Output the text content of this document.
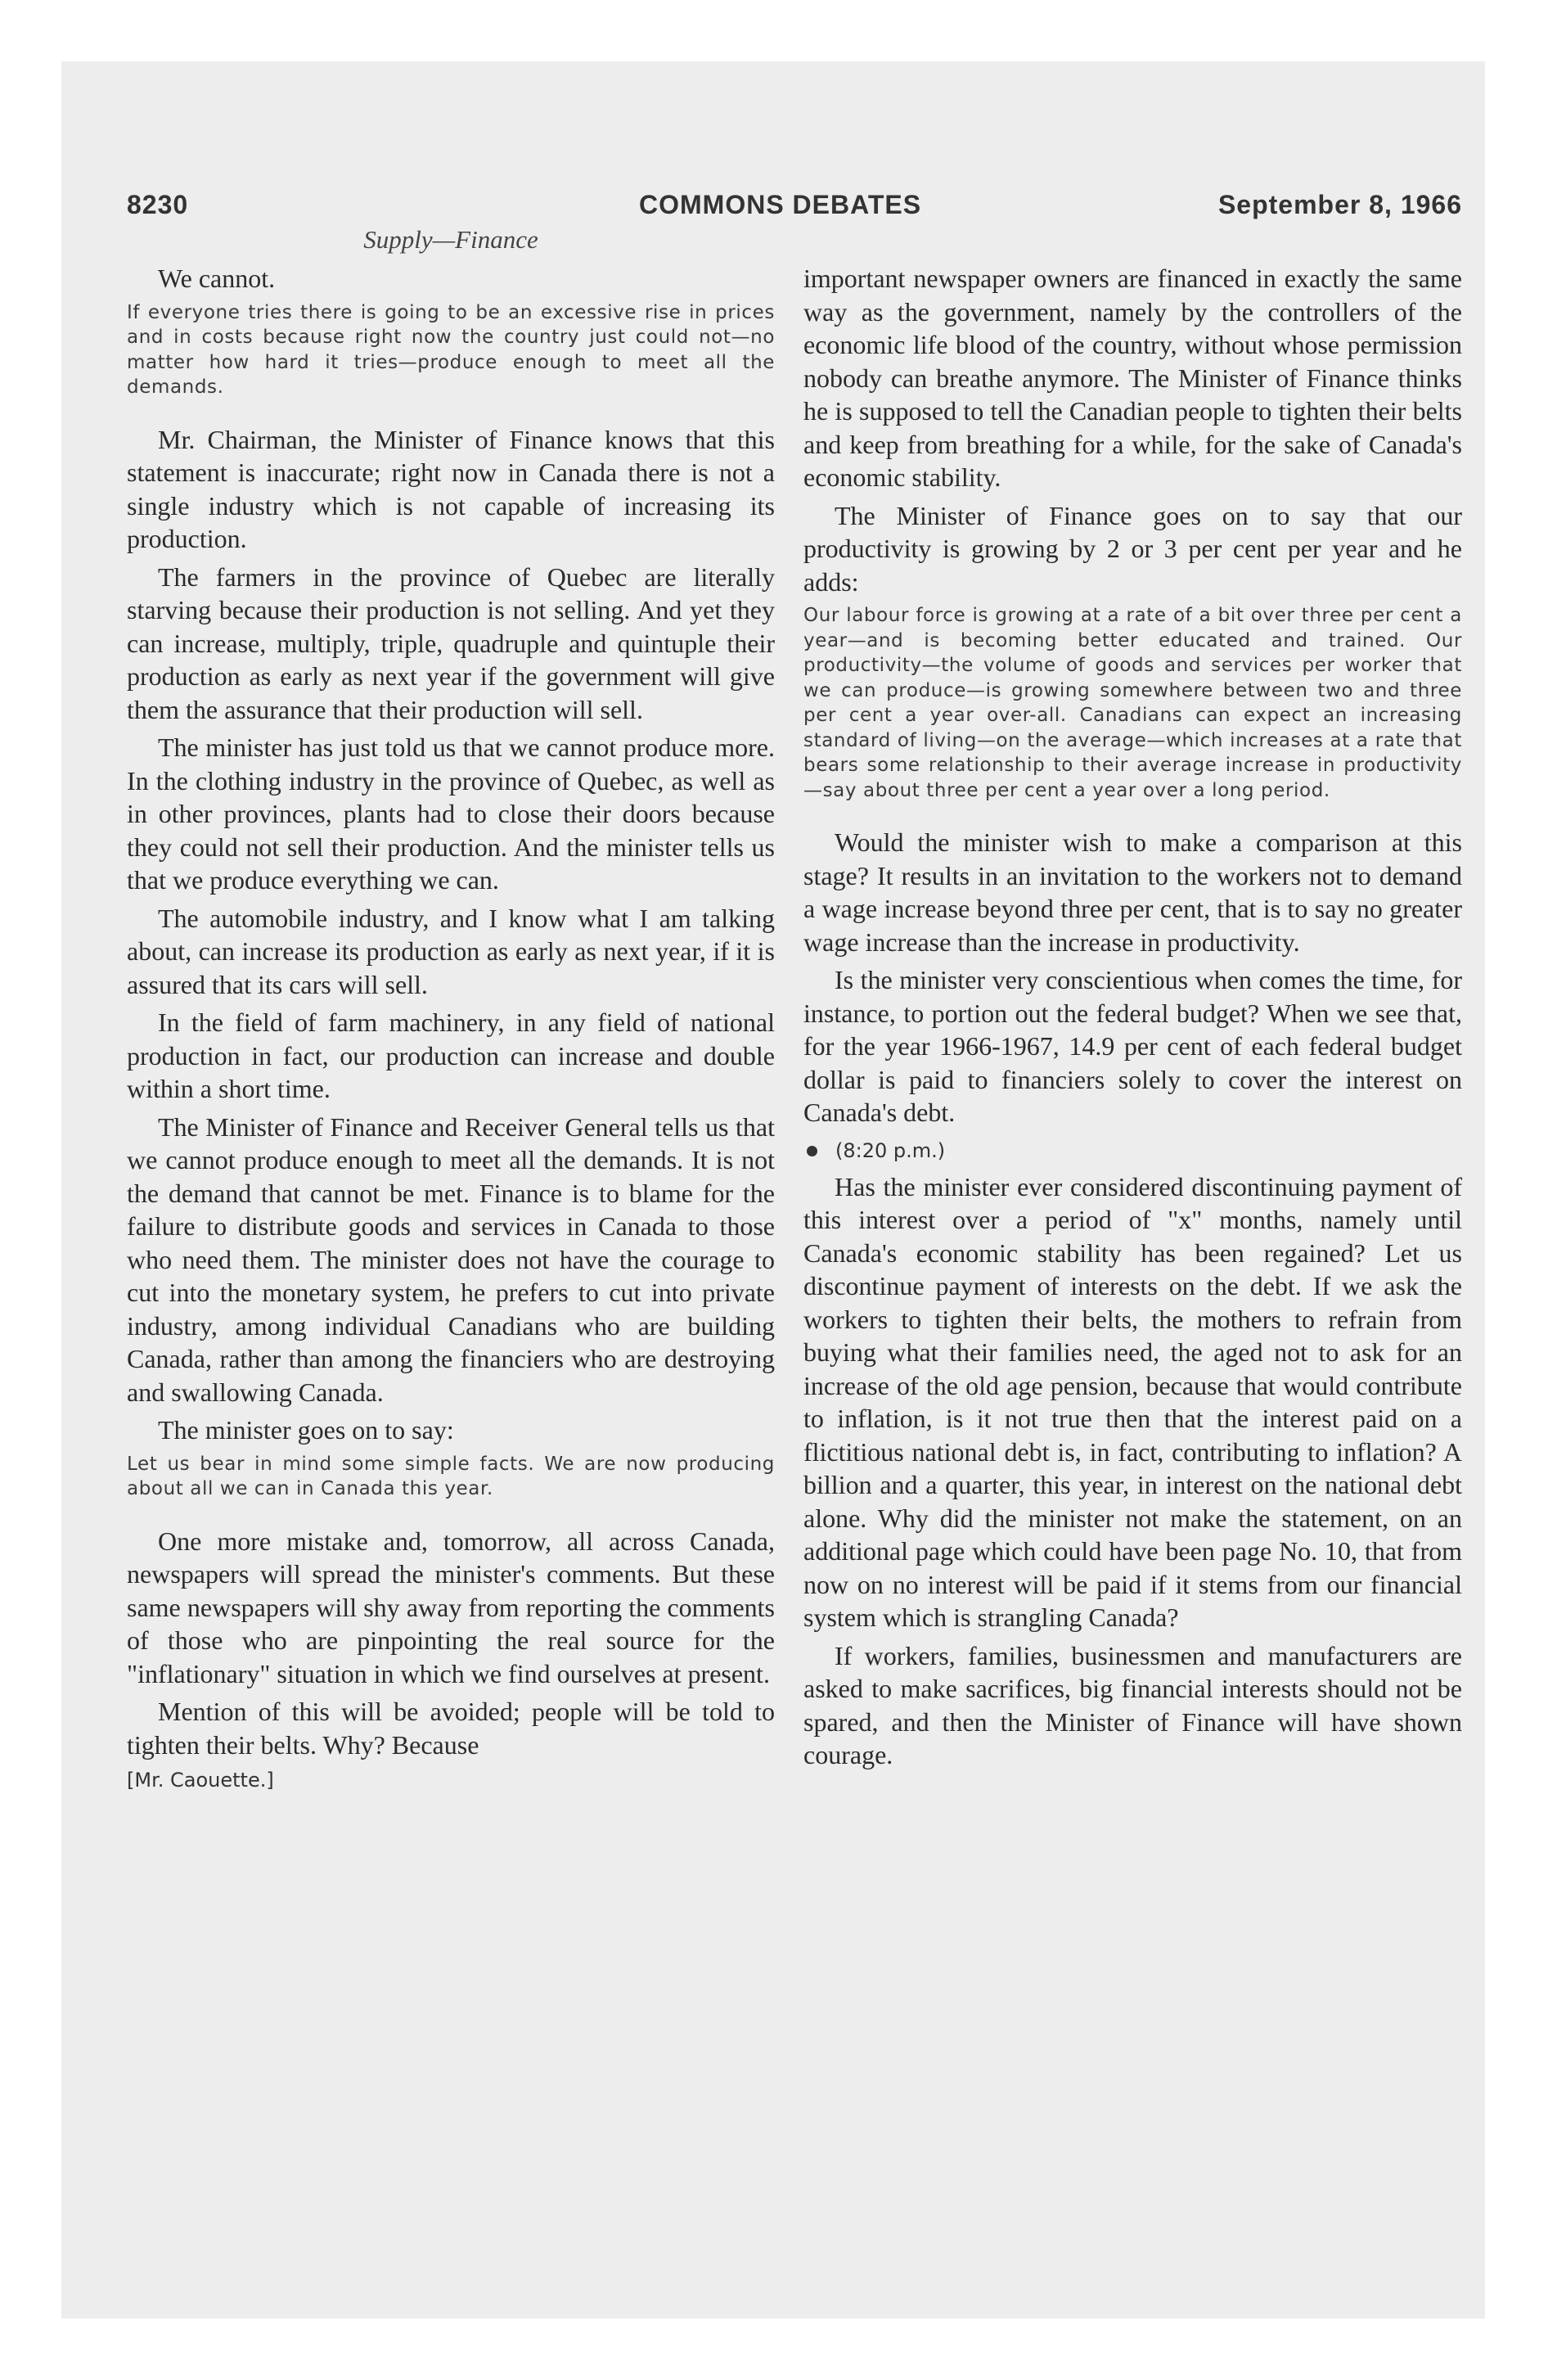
8230	COMMONS DEBATES	September 8, 1966
Supply—Finance

We cannot.

If everyone tries there is going to be an excessive rise in prices and in costs because right now the country just could not—no matter how hard it tries—produce enough to meet all the demands.

Mr. Chairman, the Minister of Finance knows that this statement is inaccurate; right now in Canada there is not a single industry which is not capable of increasing its production.

The farmers in the province of Quebec are literally starving because their production is not selling. And yet they can increase, multiply, triple, quadruple and quintuple their production as early as next year if the government will give them the assurance that their production will sell.

The minister has just told us that we cannot produce more. In the clothing industry in the province of Quebec, as well as in other provinces, plants had to close their doors because they could not sell their production. And the minister tells us that we produce everything we can.

The automobile industry, and I know what I am talking about, can increase its production as early as next year, if it is assured that its cars will sell.

In the field of farm machinery, in any field of national production in fact, our production can increase and double within a short time.

The Minister of Finance and Receiver General tells us that we cannot produce enough to meet all the demands. It is not the demand that cannot be met. Finance is to blame for the failure to distribute goods and services in Canada to those who need them. The minister does not have the courage to cut into the monetary system, he prefers to cut into private industry, among individual Canadians who are building Canada, rather than among the financiers who are destroying and swallowing Canada.

The minister goes on to say:

Let us bear in mind some simple facts. We are now producing about all we can in Canada this year.

One more mistake and, tomorrow, all across Canada, newspapers will spread the minister's comments. But these same newspapers will shy away from reporting the comments of those who are pinpointing the real source for the "inflationary" situation in which we find ourselves at present.

Mention of this will be avoided; people will be told to tighten their belts. Why? Because

[Mr. Caouette.]

important newspaper owners are financed in exactly the same way as the government, namely by the controllers of the economic life blood of the country, without whose permission nobody can breathe anymore. The Minister of Finance thinks he is supposed to tell the Canadian people to tighten their belts and keep from breathing for a while, for the sake of Canada's economic stability.

The Minister of Finance goes on to say that our productivity is growing by 2 or 3 per cent per year and he adds:

Our labour force is growing at a rate of a bit over three per cent a year—and is becoming better educated and trained. Our productivity—the volume of goods and services per worker that we can produce—is growing somewhere between two and three per cent a year over-all. Canadians can expect an increasing standard of living—on the average—which increases at a rate that bears some relationship to their average increase in productivity—say about three per cent a year over a long period.

Would the minister wish to make a comparison at this stage? It results in an invitation to the workers not to demand a wage increase beyond three per cent, that is to say no greater wage increase than the increase in productivity.

Is the minister very conscientious when comes the time, for instance, to portion out the federal budget? When we see that, for the year 1966-1967, 14.9 per cent of each federal budget dollar is paid to financiers solely to cover the interest on Canada's debt.

(8:20 p.m.)

Has the minister ever considered discontinuing payment of this interest over a period of "x" months, namely until Canada's economic stability has been regained? Let us discontinue payment of interests on the debt. If we ask the workers to tighten their belts, the mothers to refrain from buying what their families need, the aged not to ask for an increase of the old age pension, because that would contribute to inflation, is it not true then that the interest paid on a flictitious national debt is, in fact, contributing to inflation? A billion and a quarter, this year, in interest on the national debt alone. Why did the minister not make the statement, on an additional page which could have been page No. 10, that from now on no interest will be paid if it stems from our financial system which is strangling Canada?

If workers, families, businessmen and manufacturers are asked to make sacrifices, big financial interests should not be spared, and then the Minister of Finance will have shown courage.
